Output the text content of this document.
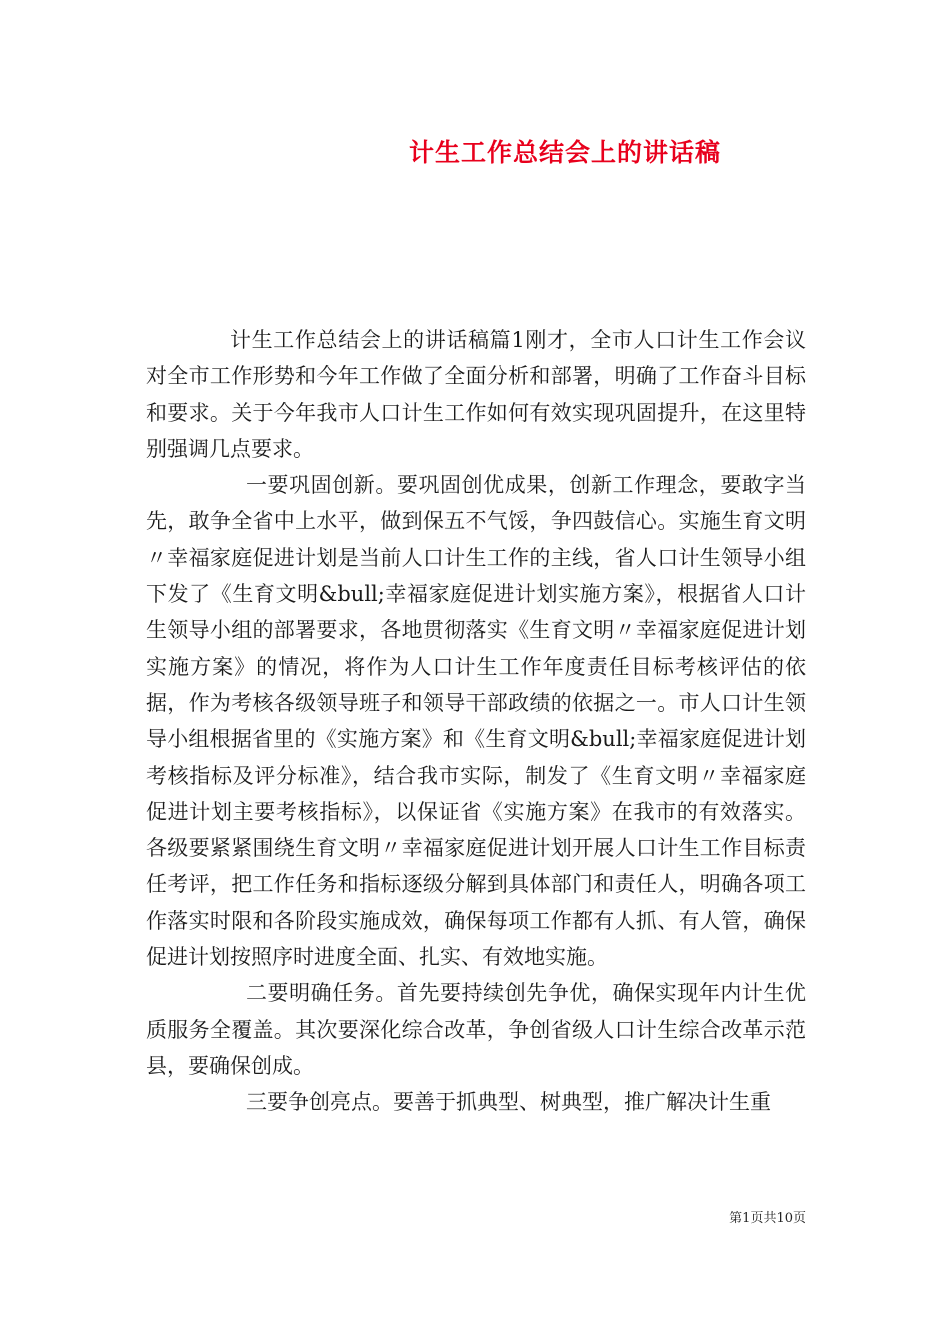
计生工作总结会上的讲话稿

计生工作总结会上的讲话稿篇1刚才，全市人口计生工作会议对全市工作形势和今年工作做了全面分析和部署，明确了工作奋斗目标和要求。关于今年我市人口计生工作如何有效实现巩固提升，在这里特别强调几点要求。

一要巩固创新。要巩固创优成果，创新工作理念，要敢字当先，敢争全省中上水平，做到保五不气馁，争四鼓信心。实施生育文明〃幸福家庭促进计划是当前人口计生工作的主线，省人口计生领导小组下发了《生育文明&bull;幸福家庭促进计划实施方案》，根据省人口计生领导小组的部署要求，各地贯彻落实《生育文明〃幸福家庭促进计划实施方案》的情况，将作为人口计生工作年度责任目标考核评估的依据，作为考核各级领导班子和领导干部政绩的依据之一。市人口计生领导小组根据省里的《实施方案》和《生育文明&bull;幸福家庭促进计划考核指标及评分标准》，结合我市实际，制发了《生育文明〃幸福家庭促进计划主要考核指标》，以保证省《实施方案》在我市的有效落实。各级要紧紧围绕生育文明〃幸福家庭促进计划开展人口计生工作目标责任考评，把工作任务和指标逐级分解到具体部门和责任人，明确各项工作落实时限和各阶段实施成效，确保每项工作都有人抓、有人管，确保促进计划按照序时进度全面、扎实、有效地实施。

二要明确任务。首先要持续创先争优，确保实现年内计生优质服务全覆盖。其次要深化综合改革，争创省级人口计生综合改革示范县，要确保创成。

三要争创亮点。要善于抓典型、树典型，推广解决计生重

第1页共10页
